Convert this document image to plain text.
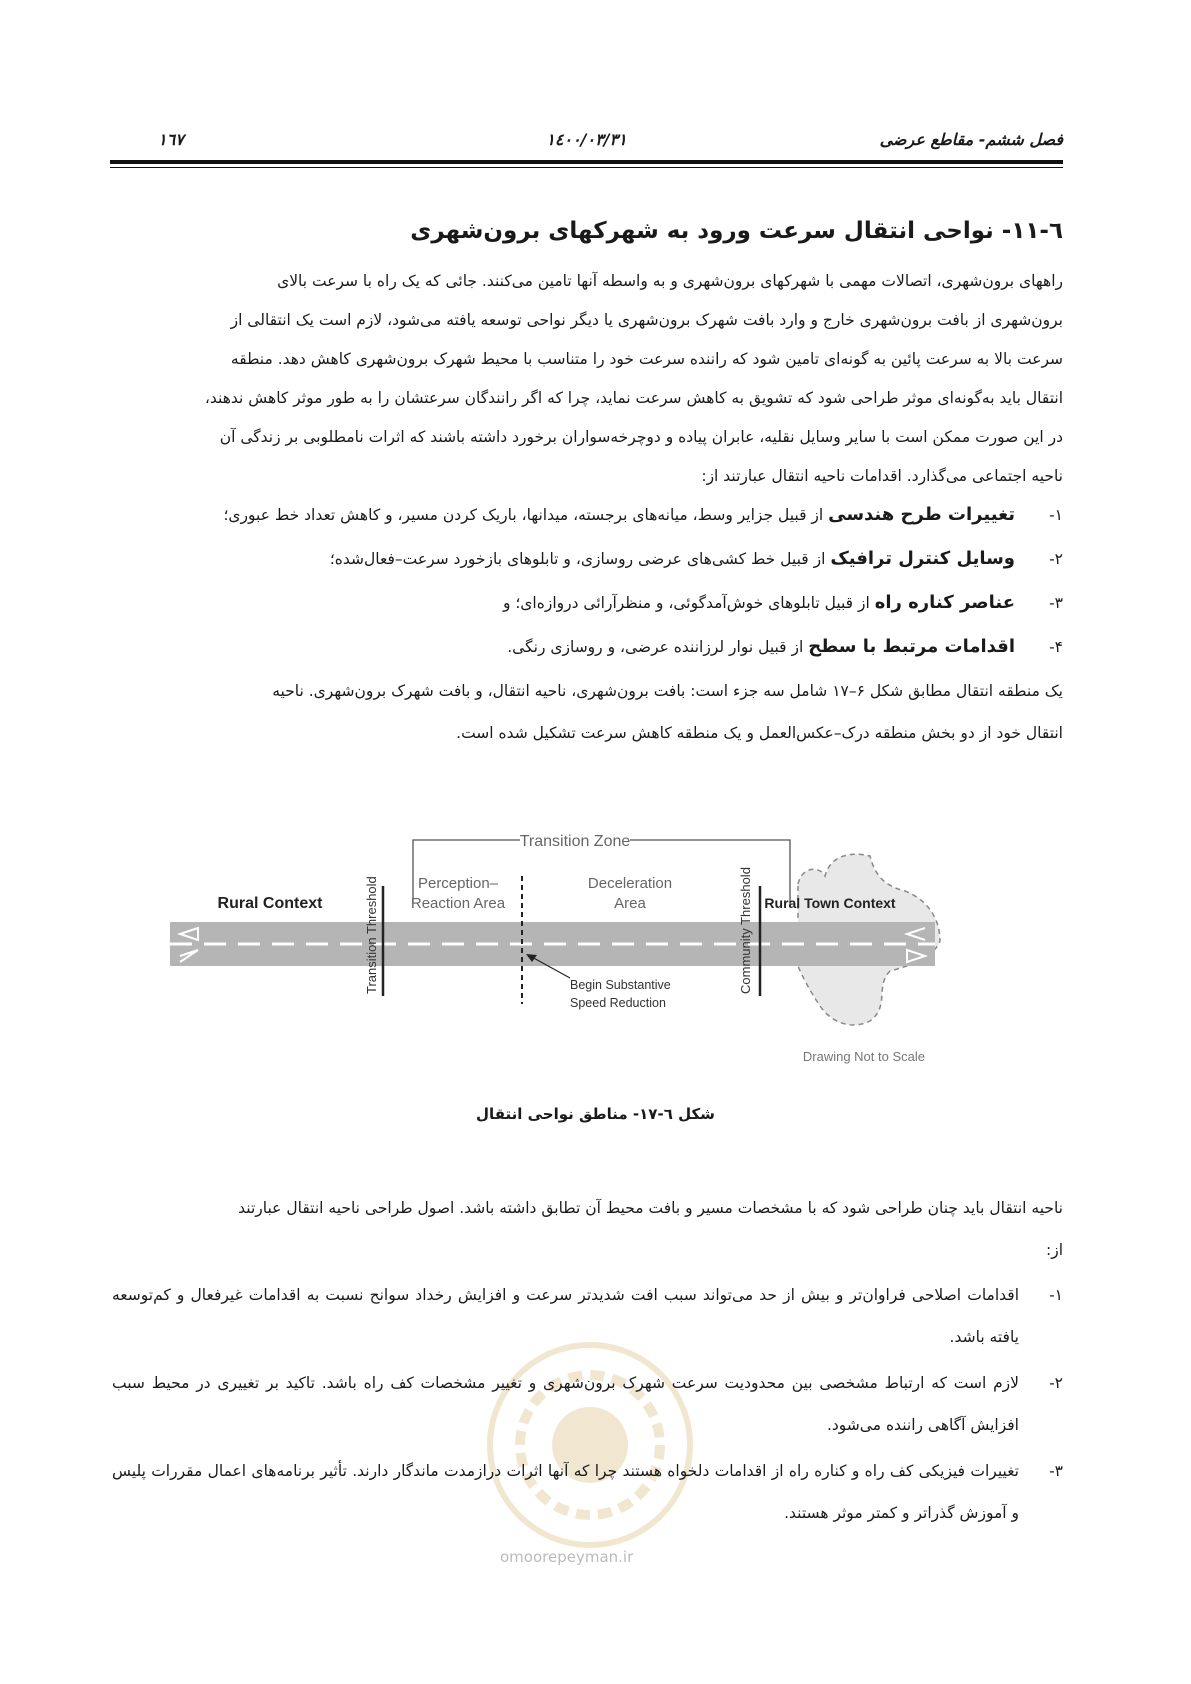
فصل ششم- مقاطع عرضی
۱٤۰۰/۰۳/۳۱
۱٦۷
٦-١١- نواحی انتقال سرعت ورود به شهرکهای برون‌شهری
راههای برون‌شهری، اتصالات مهمی با شهرکهای برون‌شهری و به واسطه آنها تامین می‌کنند. جائی که یک راه با سرعت بالای
برون‌شهری از بافت برون‌شهری خارج و وارد بافت شهرک برون‌شهری یا دیگر نواحی توسعه یافته می‌شود، لازم است یک انتقالی از
سرعت بالا به سرعت پائین به گونه‌ای تامین شود که راننده سرعت خود را متناسب با محیط شهرک برون‌شهری کاهش دهد. منطقه
انتقال باید به‌گونه‌ای موثر طراحی شود که تشویق به کاهش سرعت نماید، چرا که اگر رانندگان سرعتشان را به طور موثر کاهش ندهند،
در این صورت ممکن است با سایر وسایل نقلیه، عابران پیاده و دوچرخه‌سواران برخورد داشته باشند که اثرات نامطلوبی بر زندگی آن
ناحیه اجتماعی می‌گذارد. اقدامات ناحیه انتقال عبارتند از:
۱-
تغییرات طرح هندسی از قبیل جزایر وسط، میانه‌های برجسته، میدانها، باریک کردن مسیر، و کاهش تعداد خط عبوری؛
۲-
وسایل کنترل ترافیک از قبیل خط کشی‌های عرضی روسازی، و تابلوهای بازخورد سرعت–فعال‌شده؛
۳-
عناصر کناره راه از قبیل تابلوهای خوش‌آمدگوئی، و منظرآرائی دروازه‌ای؛ و
۴-
اقدامات مرتبط با سطح از قبیل نوار لرزاننده عرضی، و روسازی رنگی.
یک منطقه انتقال مطابق شکل ۶–۱۷ شامل سه جزء است: بافت برون‌شهری، ناحیه انتقال، و بافت شهرک برون‌شهری. ناحیه
انتقال خود از دو بخش منطقه درک–عکس‌العمل و یک منطقه کاهش سرعت تشکیل شده است.
Transition Zone
Transition Threshold	Community Threshold
Rural Context
Perception–
Reaction Area
Deceleration
Area	Rural Town Context
Begin Substantive
Speed Reduction
Drawing Not to Scale
شکل ٦-١٧- مناطق نواحی انتقال
ناحیه انتقال باید چنان طراحی شود که با مشخصات مسیر و بافت محیط آن تطابق داشته باشد. اصول طراحی ناحیه انتقال عبارتند
از:
omoorepeyman.ir
۱-
اقدامات اصلاحی فراوان‌تر و بیش از حد می‌تواند سبب افت شدیدتر سرعت و افزایش رخداد سوانح نسبت به اقدامات غیرفعال و کم‌توسعه یافته باشد.
۲-
لازم است که ارتباط مشخصی بین محدودیت سرعت شهرک برون‌شهری و تغییر مشخصات کف راه باشد. تاکید بر تغییری در محیط سبب افزایش آگاهی راننده می‌شود.
۳-
تغییرات فیزیکی کف راه و کناره راه از اقدامات دلخواه هستند چرا که آنها اثرات درازمدت ماندگار دارند. تأثیر برنامه‌های اعمال مقررات پلیس و آموزش گذراتر و کمتر موثر هستند.
